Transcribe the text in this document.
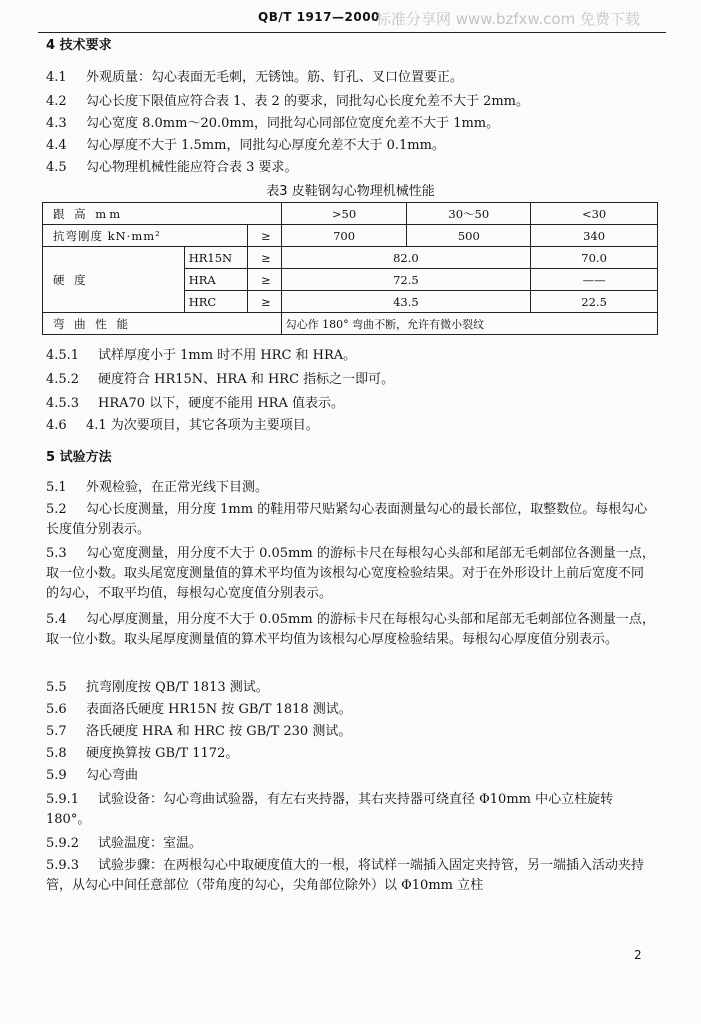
QB/T 1917—2000
标准分享网 www.bzfxw.com 免费下载
4 技术要求
4.1 外观质量：勾心表面无毛刺，无锈蚀。筋、钉孔、叉口位置要正。
4.2 勾心长度下限值应符合表 1、表 2 的要求，同批勾心长度允差不大于 2mm。
4.3 勾心宽度 8.0mm～20.0mm，同批勾心同部位宽度允差不大于 1mm。
4.4 勾心厚度不大于 1.5mm，同批勾心厚度允差不大于 0.1mm。
4.5 勾心物理机械性能应符合表 3 要求。
表3 皮鞋钢勾心物理机械性能
跟 高 mm			>50	30～50	<30
抗弯刚度 kN·mm²		≥	700	500	340
硬 度	HR15N	≥	82.0		70.0
	HRA	≥	72.5		——
	HRC	≥	43.5		22.5
弯 曲 性 能			勾心作 180° 弯曲不断，允许有微小裂纹		
4.5.1 试样厚度小于 1mm 时不用 HRC 和 HRA。
4.5.2 硬度符合 HR15N、HRA 和 HRC 指标之一即可。
4.5.3 HRA70 以下，硬度不能用 HRA 值表示。
4.6 4.1 为次要项目，其它各项为主要项目。
5 试验方法
5.1 外观检验，在正常光线下目测。
5.2 勾心长度测量，用分度 1mm 的鞋用带尺贴紧勾心表面测量勾心的最长部位，取整数位。每根勾心长度值分别表示。
5.3 勾心宽度测量，用分度不大于 0.05mm 的游标卡尺在每根勾心头部和尾部无毛刺部位各测量一点，取一位小数。取头尾宽度测量值的算术平均值为该根勾心宽度检验结果。对于在外形设计上前后宽度不同的勾心，不取平均值，每根勾心宽度值分别表示。
5.4 勾心厚度测量，用分度不大于 0.05mm 的游标卡尺在每根勾心头部和尾部无毛刺部位各测量一点，取一位小数。取头尾厚度测量值的算术平均值为该根勾心厚度检验结果。每根勾心厚度值分别表示。
5.5 抗弯刚度按 QB/T 1813 测试。
5.6 表面洛氏硬度 HR15N 按 GB/T 1818 测试。
5.7 洛氏硬度 HRA 和 HRC 按 GB/T 230 测试。
5.8 硬度换算按 GB/T 1172。
5.9 勾心弯曲
5.9.1 试验设备：勾心弯曲试验器，有左右夹持器，其右夹持器可绕直径 Φ10mm 中心立柱旋转 180°。
5.9.2 试验温度：室温。
5.9.3 试验步骤：在两根勾心中取硬度值大的一根，将试样一端插入固定夹持管，另一端插入活动夹持管，从勾心中间任意部位（带角度的勾心，尖角部位除外）以 Φ10mm 立柱
2
